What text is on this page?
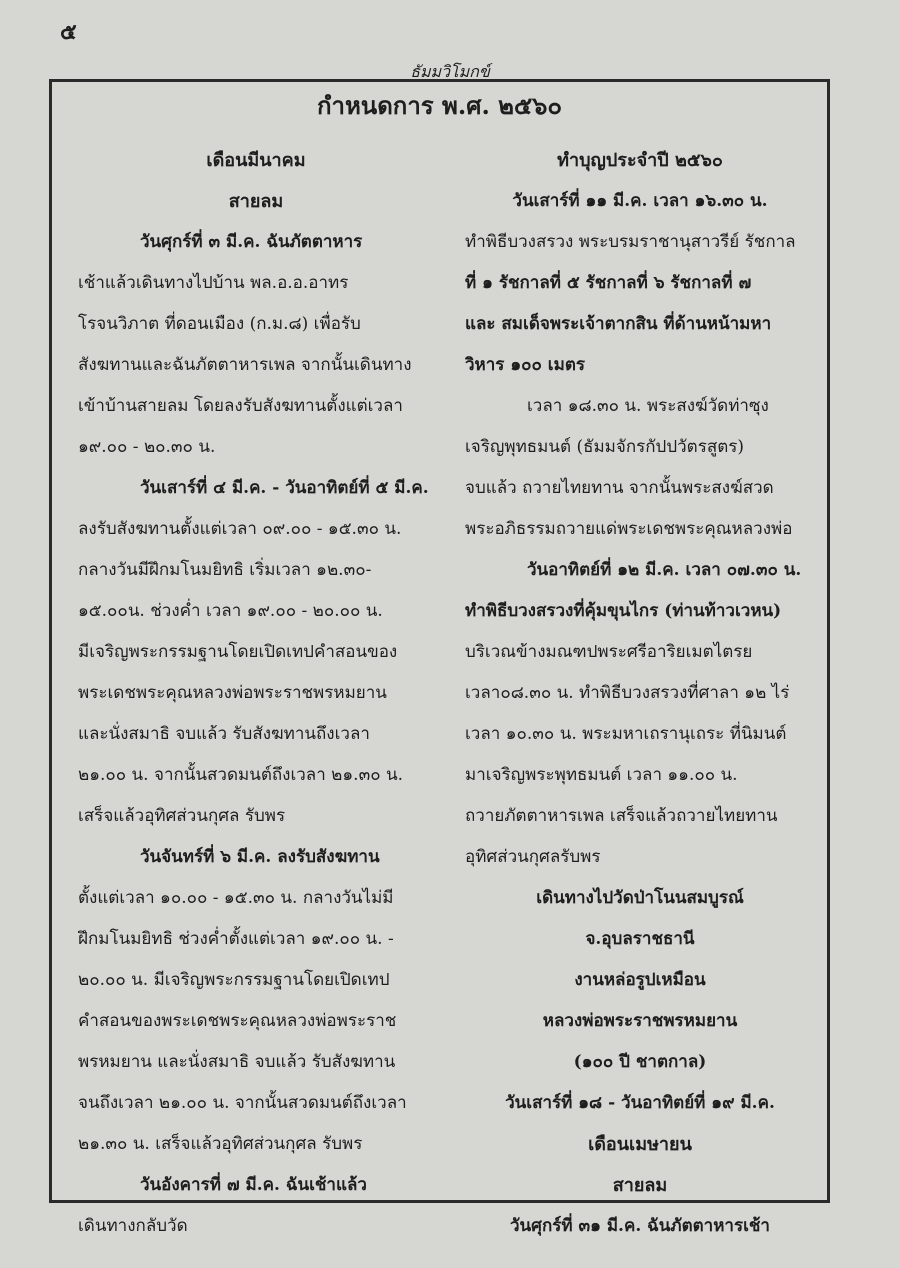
๕
ธัมมวิโมกข์
กำหนดการ พ.ศ. ๒๕๖๐
เดือนมีนาคม
สายลม
วันศุกร์ที่ ๓ มี.ค. ฉันภัตตาหาร
เช้าแล้วเดินทางไปบ้าน พล.อ.อ.อาทร
โรจนวิภาต ที่ดอนเมือง (ก.ม.๘) เพื่อรับ
สังฆทานและฉันภัตตาหารเพล จากนั้นเดินทาง
เข้าบ้านสายลม โดยลงรับสังฆทานตั้งแต่เวลา
๑๙.๐๐ - ๒๐.๓๐ น.
วันเสาร์ที่ ๔ มี.ค. - วันอาทิตย์ที่ ๕ มี.ค.
ลงรับสังฆทานตั้งแต่เวลา ๐๙.๐๐ - ๑๕.๓๐ น.
กลางวันมีฝึกมโนมยิทธิ เริ่มเวลา ๑๒.๓๐-
๑๕.๐๐น. ช่วงค่ำ เวลา ๑๙.๐๐ - ๒๐.๐๐ น.
มีเจริญพระกรรมฐานโดยเปิดเทปคำสอนของ
พระเดชพระคุณหลวงพ่อพระราชพรหมยาน
และนั่งสมาธิ จบแล้ว รับสังฆทานถึงเวลา
๒๑.๐๐ น. จากนั้นสวดมนต์ถึงเวลา ๒๑.๓๐ น.
เสร็จแล้วอุทิศส่วนกุศล รับพร
วันจันทร์ที่ ๖ มี.ค. ลงรับสังฆทาน
ตั้งแต่เวลา ๑๐.๐๐ - ๑๕.๓๐ น. กลางวันไม่มี
ฝึกมโนมยิทธิ ช่วงค่ำตั้งแต่เวลา ๑๙.๐๐ น. -
๒๐.๐๐ น. มีเจริญพระกรรมฐานโดยเปิดเทป
คำสอนของพระเดชพระคุณหลวงพ่อพระราช
พรหมยาน และนั่งสมาธิ จบแล้ว รับสังฆทาน
จนถึงเวลา ๒๑.๐๐ น. จากนั้นสวดมนต์ถึงเวลา
๒๑.๓๐ น. เสร็จแล้วอุทิศส่วนกุศล รับพร
วันอังคารที่ ๗ มี.ค. ฉันเช้าแล้ว
เดินทางกลับวัด
ทำบุญประจำปี ๒๕๖๐
วันเสาร์ที่ ๑๑ มี.ค. เวลา ๑๖.๓๐ น.
ทำพิธีบวงสรวง พระบรมราชานุสาวรีย์ รัชกาล
ที่ ๑ รัชกาลที่ ๕ รัชกาลที่ ๖ รัชกาลที่ ๗
และ สมเด็จพระเจ้าตากสิน ที่ด้านหน้ามหา
วิหาร ๑๐๐ เมตร
เวลา ๑๘.๓๐ น. พระสงฆ์วัดท่าซุง
เจริญพุทธมนต์ (ธัมมจักรกัปปวัตรสูตร)
จบแล้ว ถวายไทยทาน จากนั้นพระสงฆ์สวด
พระอภิธรรมถวายแด่พระเดชพระคุณหลวงพ่อ
วันอาทิตย์ที่ ๑๒ มี.ค. เวลา ๐๗.๓๐ น.
ทำพิธีบวงสรวงที่คุ้มขุนไกร (ท่านท้าวเวหน)
บริเวณข้างมณฑปพระศรีอาริยเมตไตรย
เวลา๐๘.๓๐ น. ทำพิธีบวงสรวงที่ศาลา ๑๒ ไร่
เวลา ๑๐.๓๐ น. พระมหาเถรานุเถระ ที่นิมนต์
มาเจริญพระพุทธมนต์ เวลา ๑๑.๐๐ น.
ถวายภัตตาหารเพล เสร็จแล้วถวายไทยทาน
อุทิศส่วนกุศลรับพร
เดินทางไปวัดป่าโนนสมบูรณ์
จ.อุบลราชธานี
งานหล่อรูปเหมือน
หลวงพ่อพระราชพรหมยาน
(๑๐๐ ปี ชาตกาล)
วันเสาร์ที่ ๑๘ - วันอาทิตย์ที่ ๑๙ มี.ค.
เดือนเมษายน
สายลม
วันศุกร์ที่ ๓๑ มี.ค. ฉันภัตตาหารเช้า
